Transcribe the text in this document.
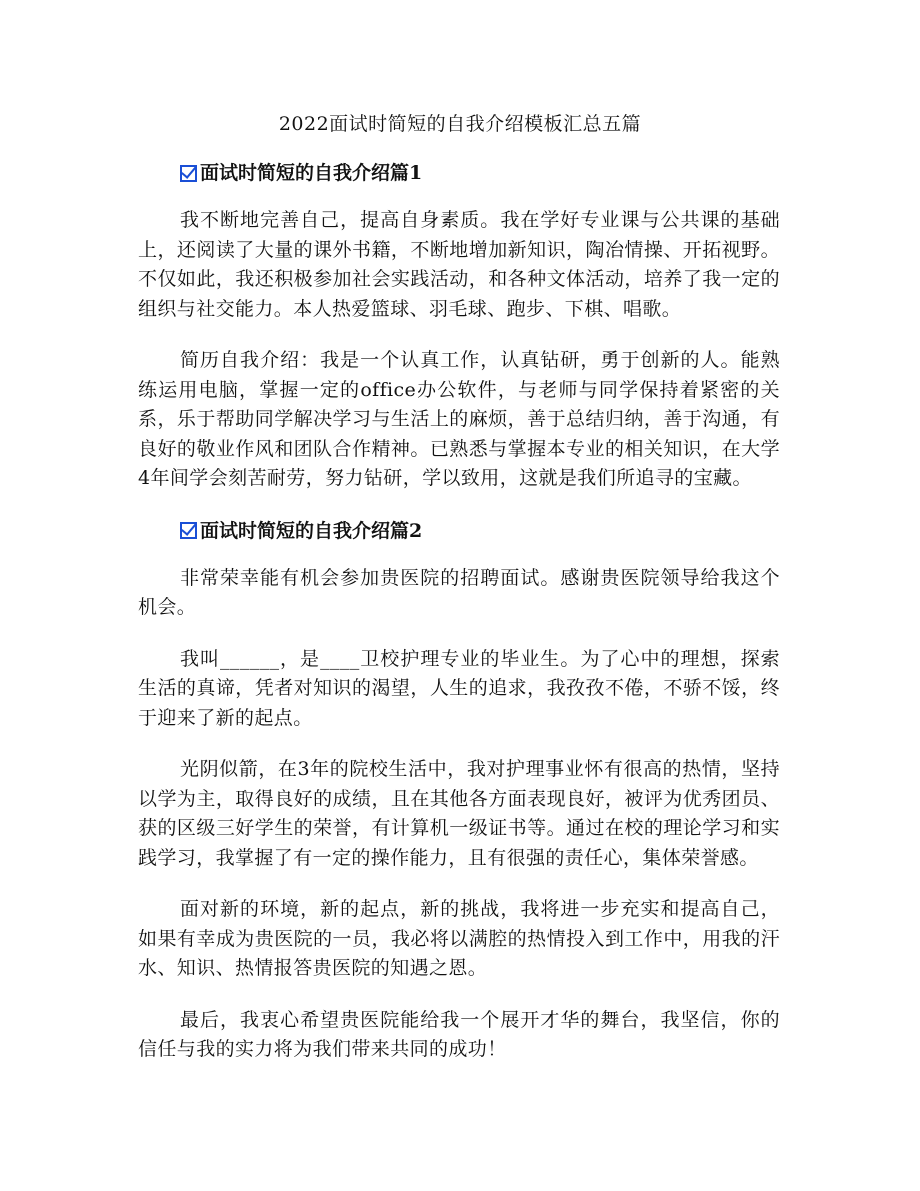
2022面试时简短的自我介绍模板汇总五篇
面试时简短的自我介绍篇1

我不断地完善自己，提高自身素质。我在学好专业课与公共课的基础上，还阅读了大量的课外书籍，不断地增加新知识，陶冶情操、开拓视野。不仅如此，我还积极参加社会实践活动，和各种文体活动，培养了我一定的组织与社交能力。本人热爱篮球、羽毛球、跑步、下棋、唱歌。

简历自我介绍：我是一个认真工作，认真钻研，勇于创新的人。能熟练运用电脑，掌握一定的office办公软件，与老师与同学保持着紧密的关系，乐于帮助同学解决学习与生活上的麻烦，善于总结归纳，善于沟通，有良好的敬业作风和团队合作精神。已熟悉与掌握本专业的相关知识，在大学4年间学会刻苦耐劳，努力钻研，学以致用，这就是我们所追寻的宝藏。

面试时简短的自我介绍篇2

非常荣幸能有机会参加贵医院的招聘面试。感谢贵医院领导给我这个机会。

我叫______，是____卫校护理专业的毕业生。为了心中的理想，探索生活的真谛，凭者对知识的渴望，人生的追求，我孜孜不倦，不骄不馁，终于迎来了新的起点。

光阴似箭，在3年的院校生活中，我对护理事业怀有很高的热情，坚持以学为主，取得良好的成绩，且在其他各方面表现良好，被评为优秀团员、获的区级三好学生的荣誉，有计算机一级证书等。通过在校的理论学习和实践学习，我掌握了有一定的操作能力，且有很强的责任心，集体荣誉感。

面对新的环境，新的起点，新的挑战，我将进一步充实和提高自己，如果有幸成为贵医院的一员，我必将以满腔的热情投入到工作中，用我的汗水、知识、热情报答贵医院的知遇之恩。

最后，我衷心希望贵医院能给我一个展开才华的舞台，我坚信，你的信任与我的实力将为我们带来共同的成功！
